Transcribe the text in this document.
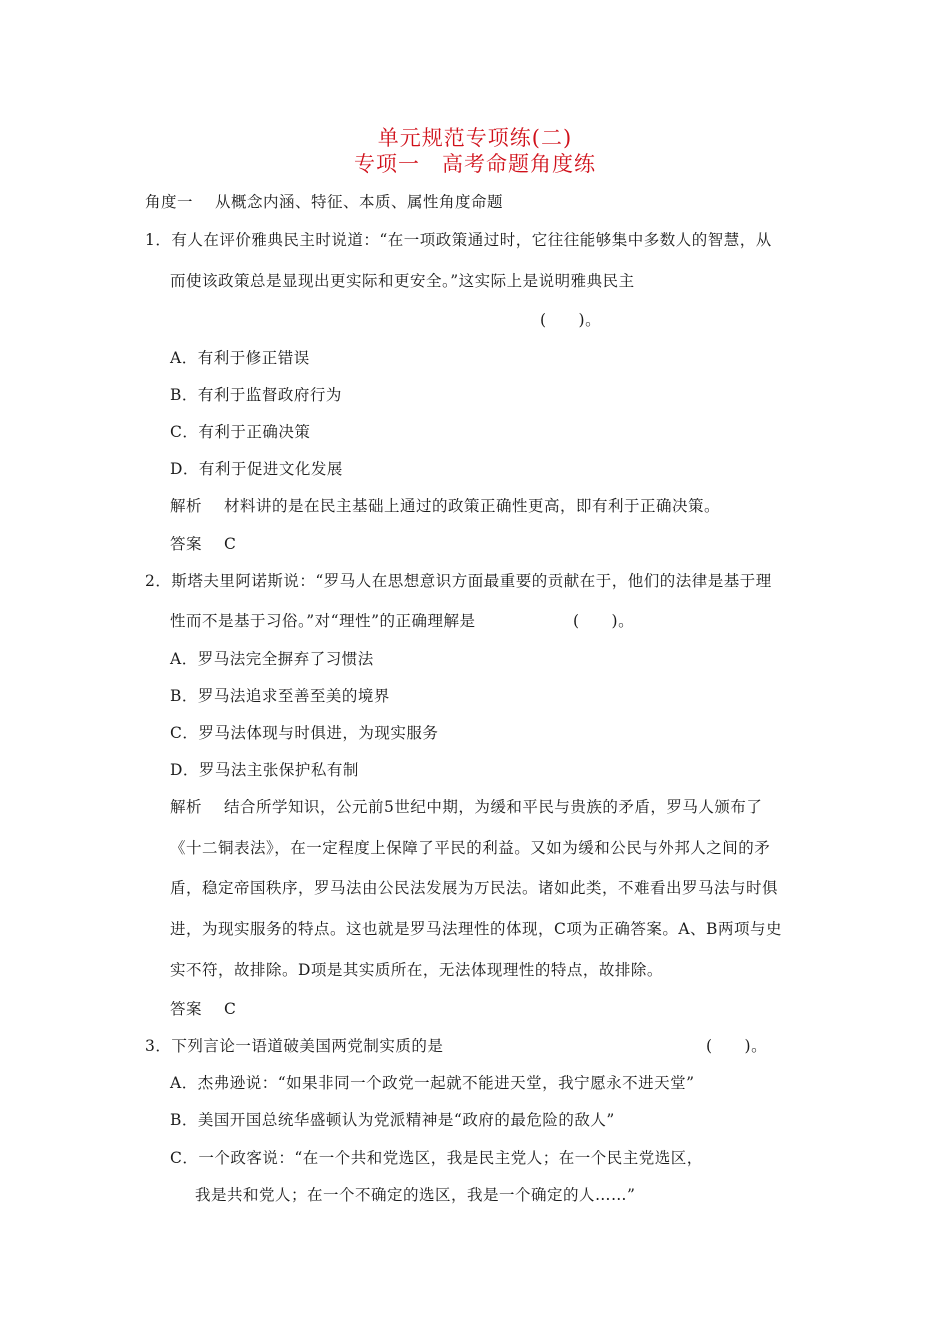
单元规范专项练(二)
专项一　高考命题角度练
角度一 从概念内涵、特征、本质、属性角度命题
1．有人在评价雅典民主时说道：“在一项政策通过时，它往往能够集中多数人的智慧，从
而使该政策总是显现出更实际和更安全。”这实际上是说明雅典民主
(　　)。
A．有利于修正错误
B．有利于监督政府行为
C．有利于正确决策
D．有利于促进文化发展
解析 材料讲的是在民主基础上通过的政策正确性更高，即有利于正确决策。
答案 C
2．斯塔夫里阿诺斯说：“罗马人在思想意识方面最重要的贡献在于，他们的法律是基于理
性而不是基于习俗。”对“理性”的正确理解是	(　　)。
A．罗马法完全摒弃了习惯法
B．罗马法追求至善至美的境界
C．罗马法体现与时俱进，为现实服务
D．罗马法主张保护私有制
解析 结合所学知识，公元前5世纪中期，为缓和平民与贵族的矛盾，罗马人颁布了
《十二铜表法》，在一定程度上保障了平民的利益。又如为缓和公民与外邦人之间的矛
盾，稳定帝国秩序，罗马法由公民法发展为万民法。诸如此类，不难看出罗马法与时俱
进，为现实服务的特点。这也就是罗马法理性的体现，C项为正确答案。A、B两项与史
实不符，故排除。D项是其实质所在，无法体现理性的特点，故排除。
答案 C
3．下列言论一语道破美国两党制实质的是	(　　)。
A．杰弗逊说：“如果非同一个政党一起就不能进天堂，我宁愿永不进天堂”
B．美国开国总统华盛顿认为党派精神是“政府的最危险的敌人”
C．一个政客说：“在一个共和党选区，我是民主党人；在一个民主党选区，
我是共和党人；在一个不确定的选区，我是一个确定的人……”
